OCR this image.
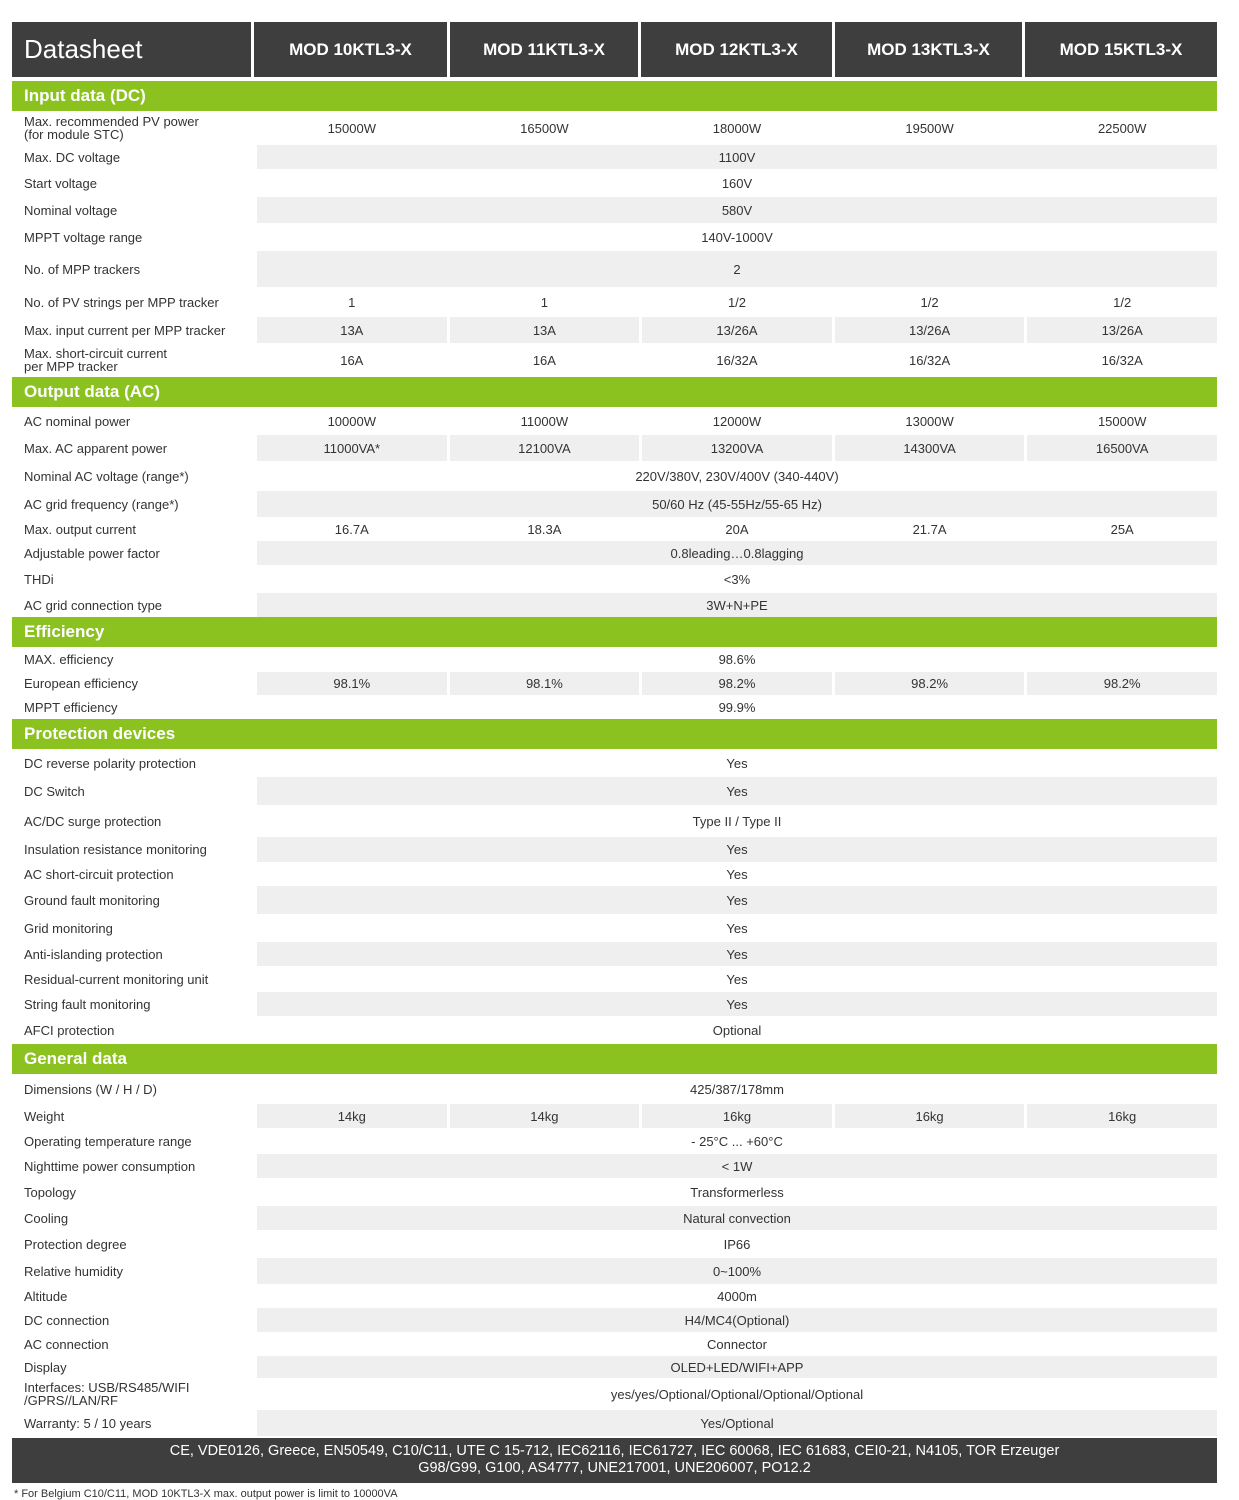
Datasheet	MOD 10KTL3-X	MOD 11KTL3-X	MOD 12KTL3-X	MOD 13KTL3-X	MOD 15KTL3-X
Input data (DC)
Max. recommended PV power
(for module STC)	15000W	16500W	18000W	19500W	22500W
Max. DC voltage	1100V
Start voltage	160V
Nominal voltage	580V
MPPT voltage range	140V-1000V
No. of MPP trackers	2
No. of PV strings per MPP tracker	1	1	1/2	1/2	1/2
Max. input current per MPP tracker	13A	13A	13/26A	13/26A	13/26A
Max. short-circuit current
per MPP tracker	16A	16A	16/32A	16/32A	16/32A
Output data (AC)
AC nominal power	10000W	11000W	12000W	13000W	15000W
Max. AC apparent power	11000VA*	12100VA	13200VA	14300VA	16500VA
Nominal AC voltage (range*)	220V/380V, 230V/400V (340-440V)
AC grid frequency (range*)	50/60 Hz (45-55Hz/55-65 Hz)
Max. output current	16.7A	18.3A	20A	21.7A	25A
Adjustable power factor	0.8leading…0.8lagging
THDi	<3%
AC grid connection type	3W+N+PE
Efficiency
MAX. efficiency	98.6%
European efficiency	98.1%	98.1%	98.2%	98.2%	98.2%
MPPT efficiency	99.9%
Protection devices
DC reverse polarity protection	Yes
DC Switch	Yes
AC/DC surge protection	Type II / Type II
Insulation resistance monitoring	Yes
AC short-circuit protection	Yes
Ground fault monitoring	Yes
Grid monitoring	Yes
Anti-islanding protection	Yes
Residual-current monitoring unit	Yes
String fault monitoring	Yes
AFCI protection	Optional
General data
Dimensions (W / H / D)	425/387/178mm
Weight	14kg	14kg	16kg	16kg	16kg
Operating temperature range	- 25°C ... +60°C
Nighttime power consumption	< 1W
Topology	Transformerless
Cooling	Natural convection
Protection degree	IP66
Relative humidity	0~100%
Altitude	4000m
DC connection	H4/MC4(Optional)
AC connection	Connector
Display	OLED+LED/WIFI+APP
Interfaces: USB/RS485/WIFI
/GPRS//LAN/RF	yes/yes/Optional/Optional/Optional/Optional
Warranty: 5 / 10 years	Yes/Optional
CE, VDE0126, Greece, EN50549, C10/C11, UTE C 15-712, IEC62116, IEC61727, IEC 60068, IEC 61683, CEI0-21, N4105, TOR Erzeuger
G98/G99, G100, AS4777, UNE217001, UNE206007, PO12.2
* For Belgium C10/C11, MOD 10KTL3-X max. output power is limit to 10000VA
